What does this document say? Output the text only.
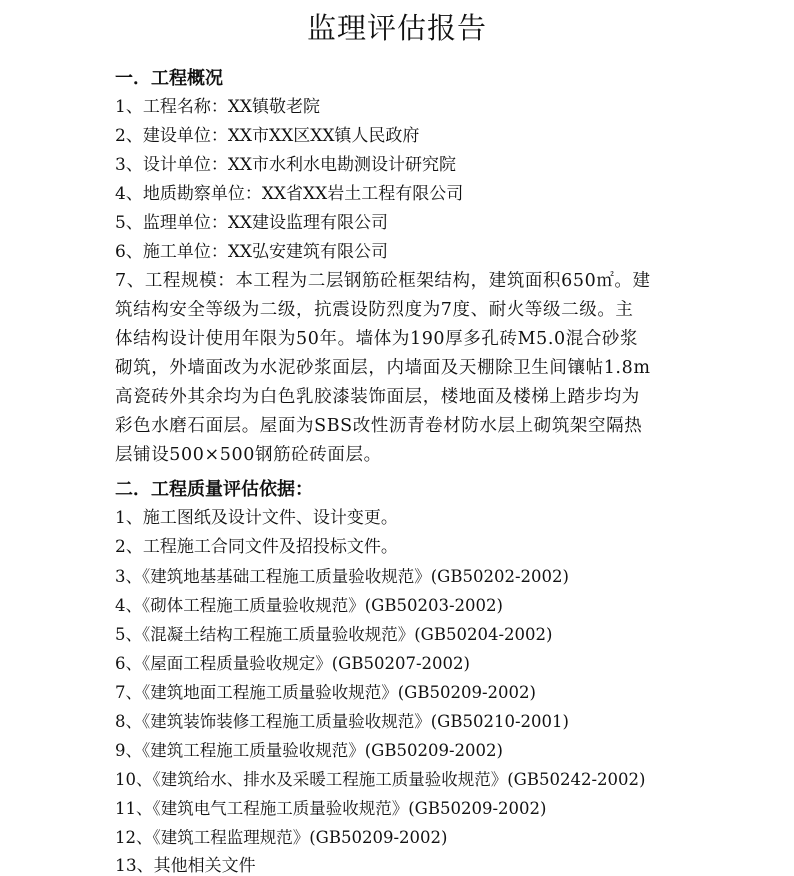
监理评估报告
一．工程概况
1、工程名称：XX镇敬老院
2、建设单位：XX市XX区XX镇人民政府
3、设计单位：XX市水利水电勘测设计研究院
4、地质勘察单位：XX省XX岩土工程有限公司
5、监理单位：XX建设监理有限公司
6、施工单位：XX弘安建筑有限公司
7、工程规模：本工程为二层钢筋砼框架结构，建筑面积650㎡。建
筑结构安全等级为二级，抗震设防烈度为7度、耐火等级二级。主
体结构设计使用年限为50年。墙体为190厚多孔砖M5.0混合砂浆
砌筑，外墙面改为水泥砂浆面层，内墙面及天棚除卫生间镶帖1.8m
高瓷砖外其余均为白色乳胶漆装饰面层，楼地面及楼梯上踏步均为
彩色水磨石面层。屋面为SBS改性沥青卷材防水层上砌筑架空隔热
层铺设500×500钢筋砼砖面层。
二．工程质量评估依据：
1、施工图纸及设计文件、设计变更。
2、工程施工合同文件及招投标文件。
3、《建筑地基基础工程施工质量验收规范》(GB50202-2002)
4、《砌体工程施工质量验收规范》(GB50203-2002)
5、《混凝土结构工程施工质量验收规范》(GB50204-2002)
6、《屋面工程质量验收规定》(GB50207-2002)
7、《建筑地面工程施工质量验收规范》(GB50209-2002)
8、《建筑装饰装修工程施工质量验收规范》(GB50210-2001)
9、《建筑工程施工质量验收规范》(GB50209-2002)
10、《建筑给水、排水及采暖工程施工质量验收规范》(GB50242-2002)
11、《建筑电气工程施工质量验收规范》(GB50209-2002)
12、《建筑工程监理规范》(GB50209-2002)
13、其他相关文件
